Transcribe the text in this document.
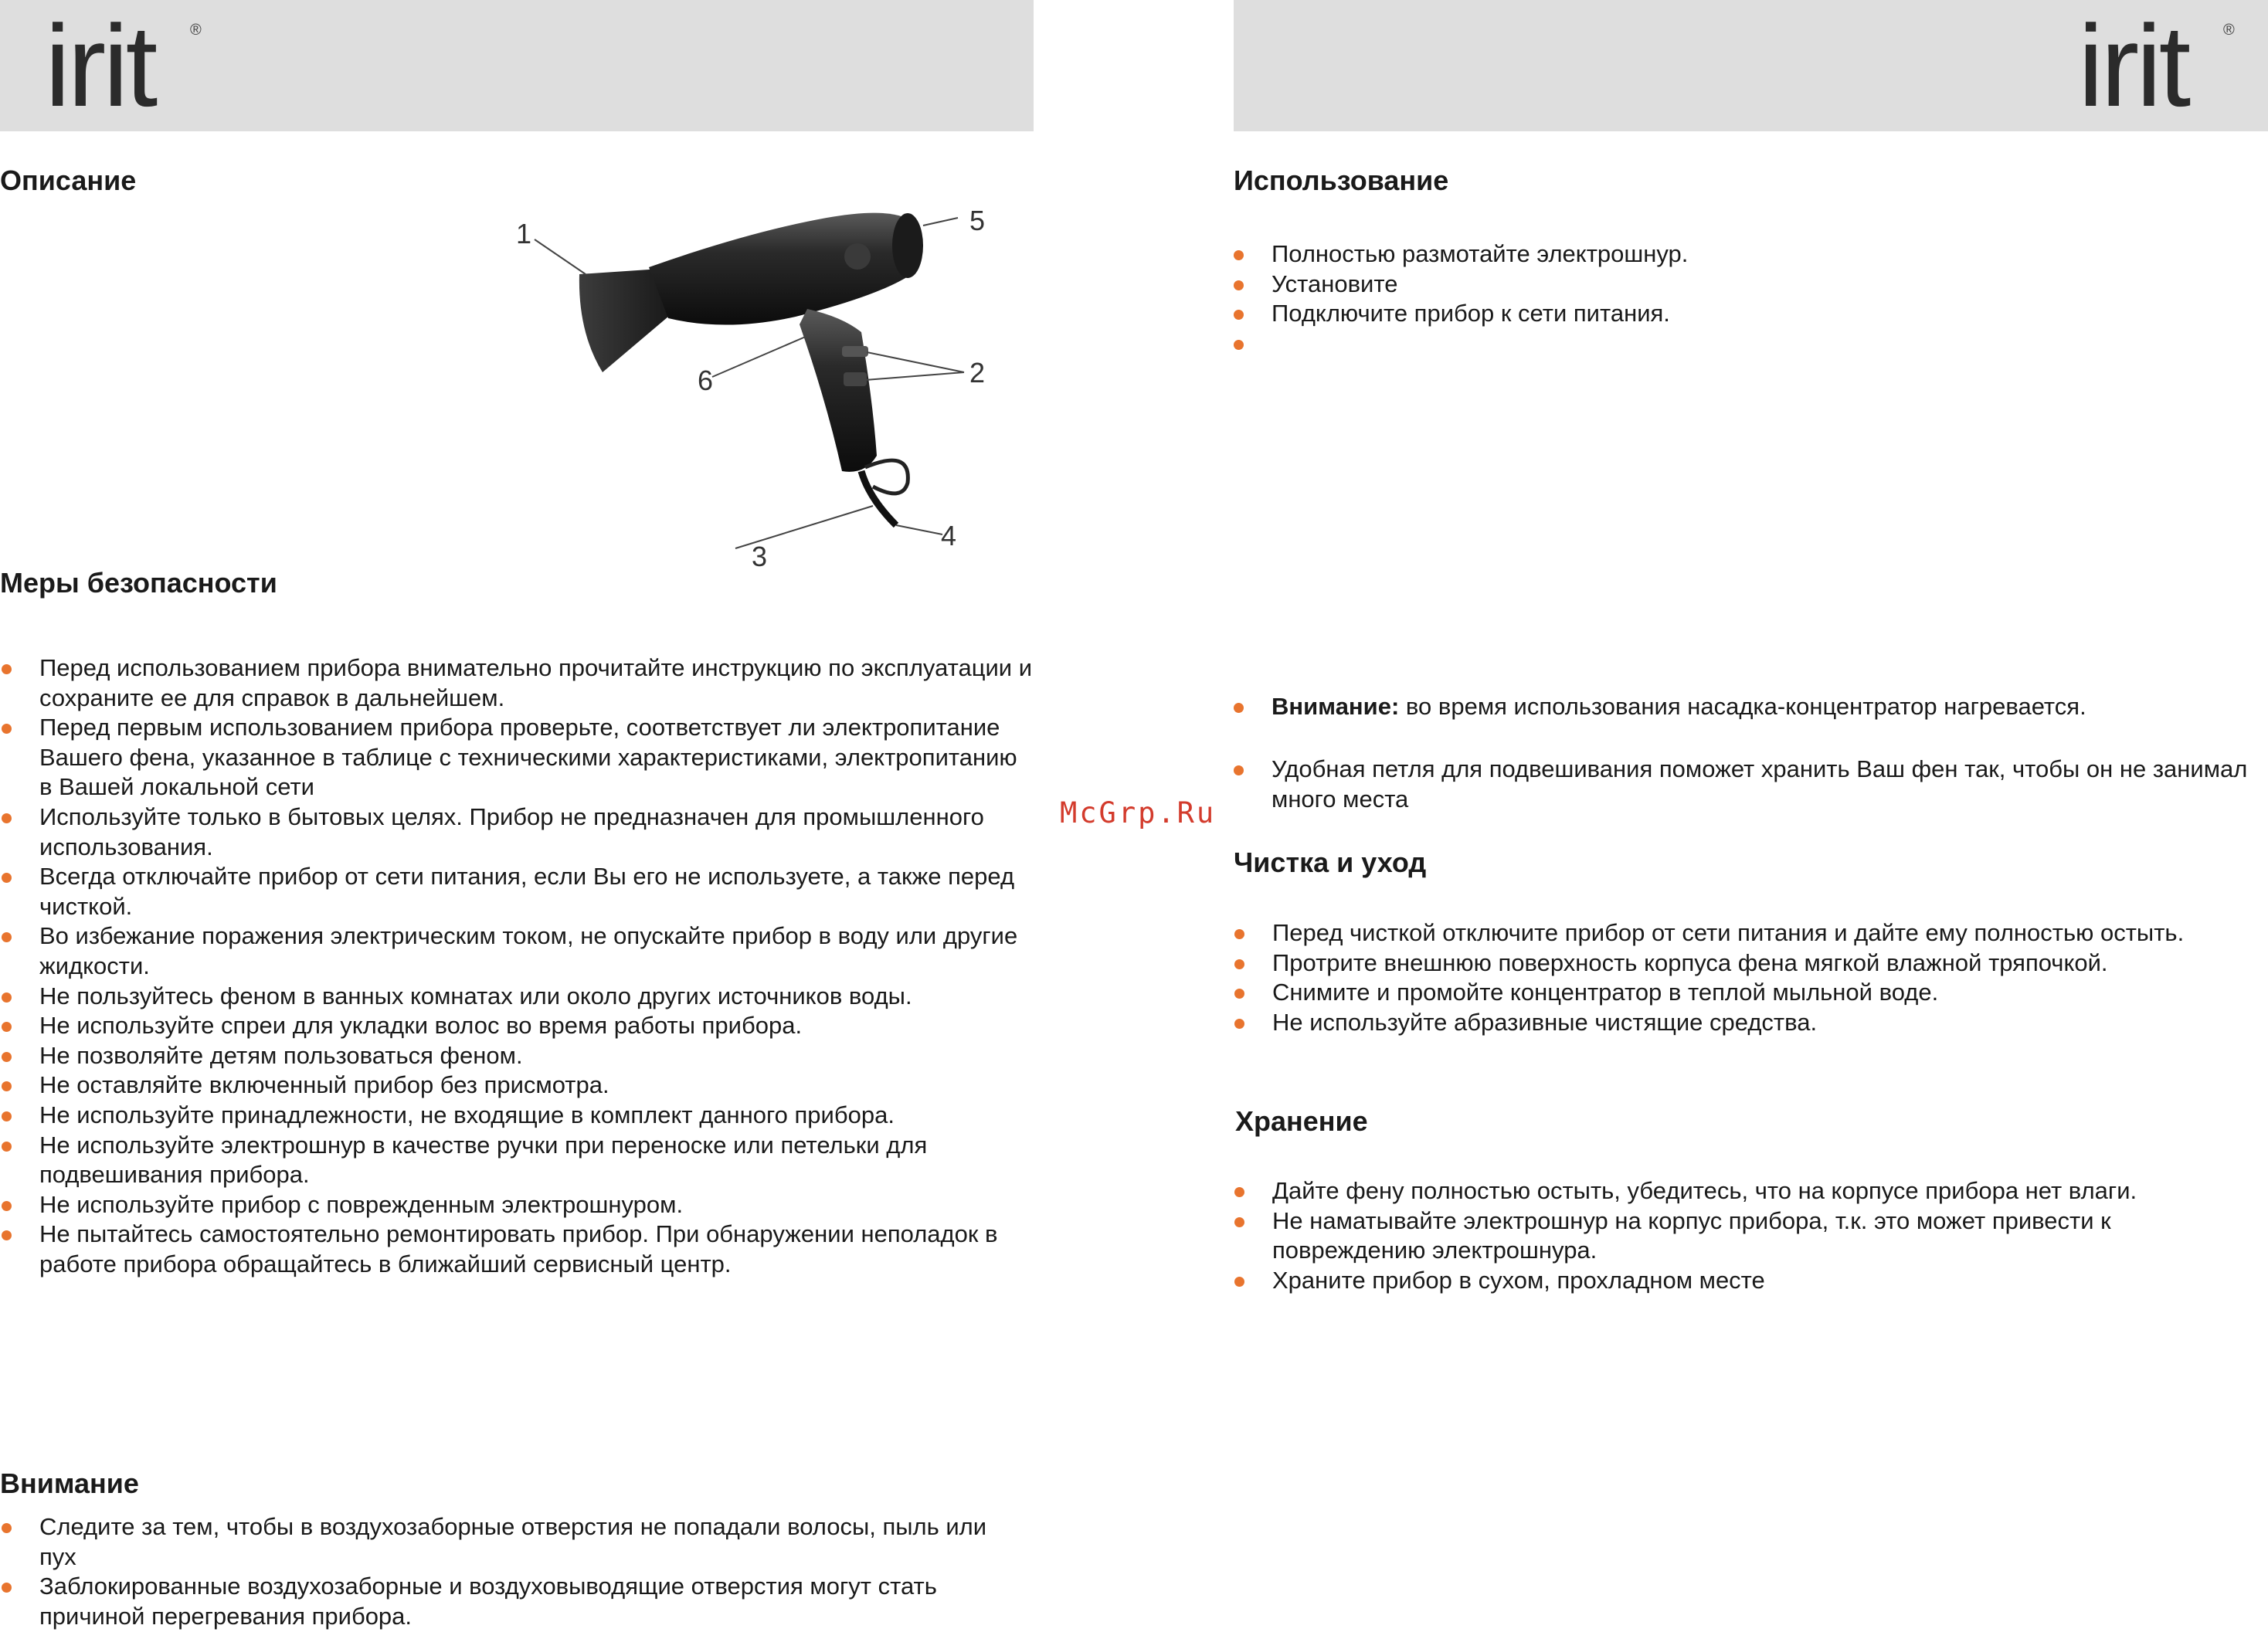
irit ®	irit ®
Описание
1
2
3
4
5
6
Меры безопасности
Перед использованием прибора внимательно прочитайте инструкцию по эксплуатации и сохраните ее для справок в дальнейшем.
Перед первым использованием прибора проверьте, соответствует ли электропитание Вашего фена, указанное в таблице с техническими характеристиками, электропитанию в Вашей локальной сети
Используйте только в бытовых целях. Прибор не предназначен для промышленного использования.
Всегда отключайте прибор от сети питания, если Вы его не используете, а также перед чисткой.
Во избежание поражения электрическим током, не опускайте прибор в воду или другие жидкости.
Не пользуйтесь феном в ванных комнатах или около других источников воды.
Не используйте спреи для укладки волос во время работы прибора.
Не позволяйте детям пользоваться феном.
Не оставляйте включенный прибор без присмотра.
Не используйте принадлежности, не входящие в комплект данного прибора.
Не используйте электрошнур в качестве ручки при переноске или петельки для подвешивания прибора.
Не используйте прибор с поврежденным электрошнуром.
Не пытайтесь самостоятельно ремонтировать прибор. При обнаружении неполадок в работе прибора обращайтесь в ближайший сервисный центр.
Внимание
Следите за тем, чтобы в воздухозаборные отверстия не попадали волосы, пыль или пух
Заблокированные воздухозаборные и воздуховыводящие отверстия могут стать причиной перегревания прибора.
McGrp.Ru
Использование
Полностью размотайте электрошнур.
Установите
Подключите прибор к сети питания.
Внимание: во время использования насадка-концентратор нагревается.
Удобная петля для подвешивания поможет хранить Ваш фен так, чтобы он не занимал много места
Чистка и уход
Перед чисткой отключите прибор от сети питания и дайте ему полностью остыть.
Протрите внешнюю поверхность корпуса фена мягкой влажной тряпочкой.
Снимите и промойте концентратор в теплой мыльной воде.
Не используйте абразивные чистящие средства.
Хранение
Дайте фену полностью остыть, убедитесь, что на корпусе прибора нет влаги.
Не наматывайте электрошнур на корпус прибора, т.к. это может привести к повреждению электрошнура.
Храните прибор в сухом, прохладном месте
